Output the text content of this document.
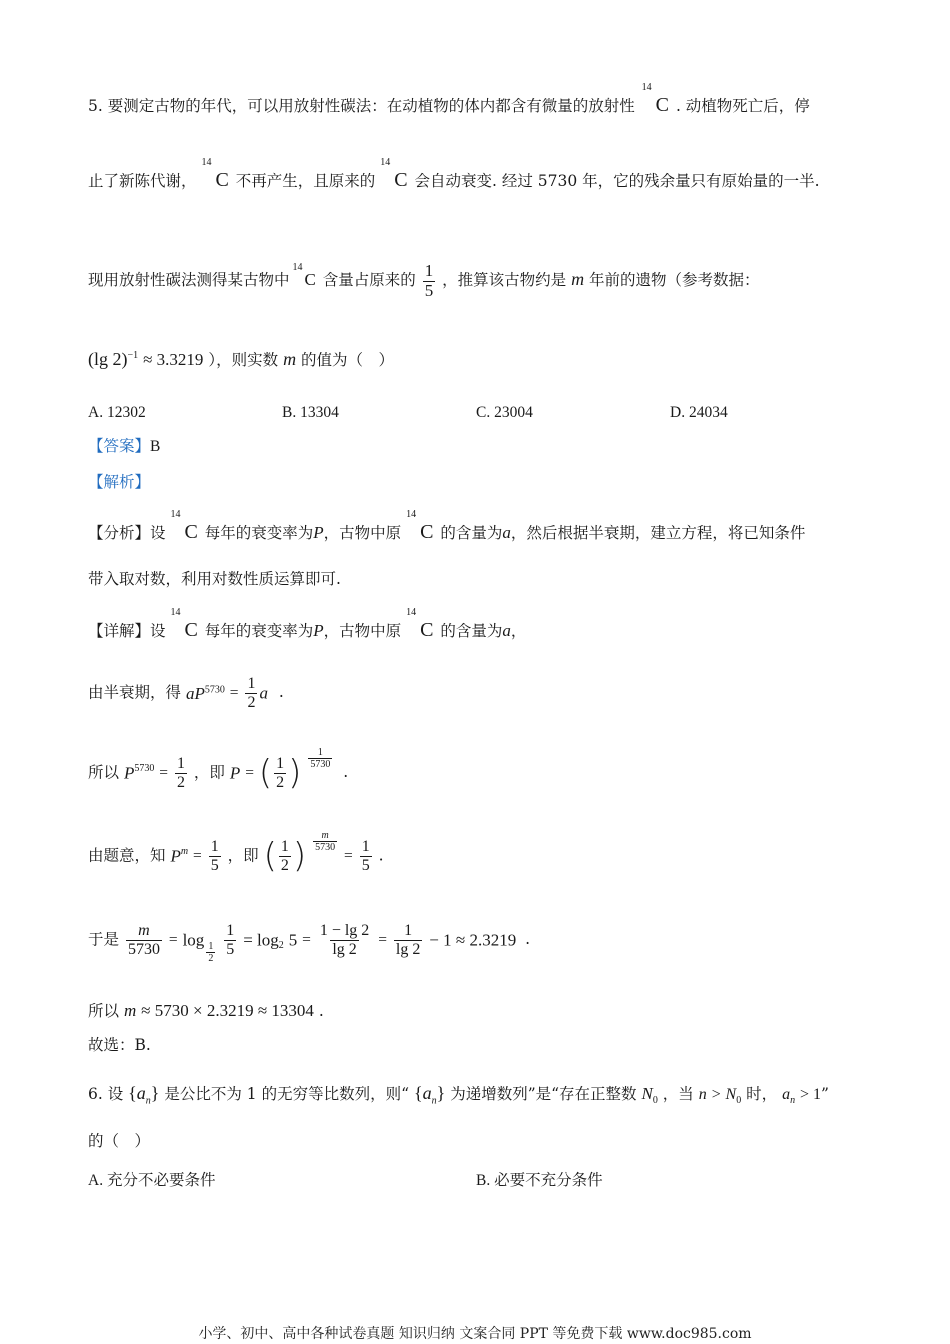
5. 要测定古物的年代，可以用放射性碳法：在动植物的体内都含有微量的放射性
14
C . 动植物死亡后，停
止了新陈代谢，
14
C 不再产生，且原来的
14
C 会自动衰变. 经过 5730 年，它的残余量只有原始量的一半.
现用放射性碳法测得某古物中
14
C 含量占原来的 $\frac{1}{5}$ ，推算该古物约是 m 年前的遗物（参考数据：
(lg 2)$^{-1}$ ≈ 3.3219 ），则实数 m 的值为（　）
A. 12302	B. 13304	C. 23004	D. 24034
【答案】B
【解析】
【分析】设
14
C 每年的衰变率为P，古物中原
14
C 的含量为a，然后根据半衰期，建立方程，将已知条件
带入取对数，利用对数性质运算即可.
【详解】设
14
C 每年的衰变率为P，古物中原
14
C 的含量为a，
由半衰期，得 $aP^{5730} = \frac{1}{2}$ a .
所以 $P^{5730} = \frac{1}{2}$ ，即 P = ( $\frac{1}{2}$ ) $\frac{1}{5730}$
.
由题意，知 $P^m = \frac{1}{5}$ ，即 ( $\frac{1}{2}$ ) $\frac{m}{5730}$
= $\frac{1}{5}$ .
于是 $\frac{m}{5730} = \log$
$\frac{1}{2}$
$\frac{1}{5} = \log_2 5 = \frac{1 - \lg 2}{\lg 2} = \frac{1}{\lg 2} - 1 \approx 2.3219$ .
所以 m ≈ 5730 × 2.3219 ≈ 13304 .
故选：B.
6. 设 $\{a_n\}$ 是公比不为 1 的无穷等比数列，则“ $\{a_n\}$ 为递增数列”是“存在正整数 $N_0$ ，当 $n > N_0$ 时， $a_n > 1$”
的（　）
A. 充分不必要条件	B. 必要不充分条件
小学、初中、高中各种试卷真题 知识归纳 文案合同 PPT 等免费下载 www.doc985.com
